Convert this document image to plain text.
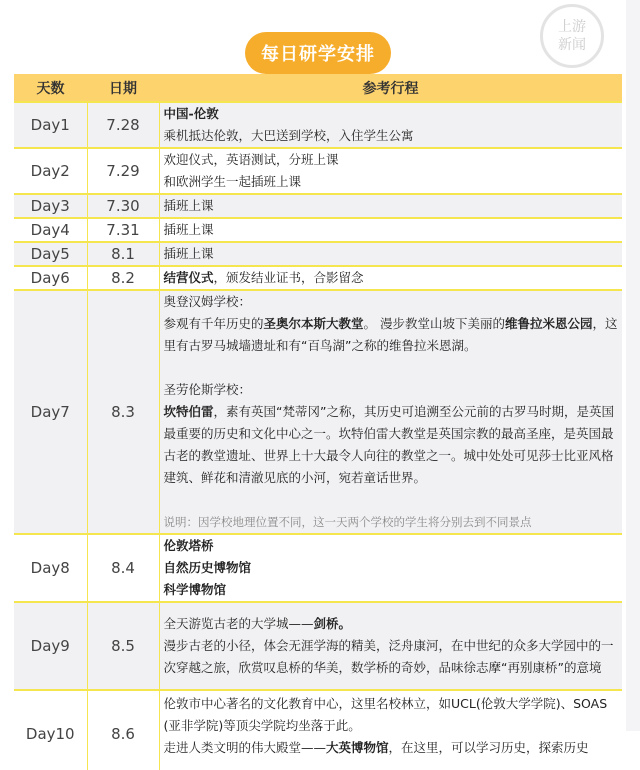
每日研学安排
天数	日期	参考行程
Day1	7.28	中国-伦敦
乘机抵达伦敦，大巴送到学校，入住学生公寓

Day2	7.29	欢迎仪式，英语测试，分班上课
和欧洲学生一起插班上课

Day3	7.30	插班上课
Day4	7.31	插班上课
Day5	8.1	插班上课
Day6	8.2	结营仪式，颁发结业证书，合影留念
Day7	8.3	奥登汉姆学校：
参观有千年历史的圣奥尔本斯大教堂。 漫步教堂山坡下美丽的维鲁拉米恩公园，这里有古罗马城墙遗址和有“百鸟湖”之称的维鲁拉米恩湖。
圣劳伦斯学校：
坎特伯雷，素有英国“梵蒂冈”之称，其历史可追溯至公元前的古罗马时期，是英国最重要的历史和文化中心之一。坎特伯雷大教堂是英国宗教的最高圣座，是英国最古老的教堂遗址、世界上十大最令人向往的教堂之一。城中处处可见莎士比亚风格建筑、鲜花和清澈见底的小河，宛若童话世界。
说明：因学校地理位置不同，这一天两个学校的学生将分别去到不同景点

Day8	8.4	伦敦塔桥
自然历史博物馆
科学博物馆

Day9	8.5	全天游览古老的大学城——剑桥。
漫步古老的小径，体会无涯学海的精美，泛舟康河，在中世纪的众多大学园中的一次穿越之旅，欣赏叹息桥的华美，数学桥的奇妙，品味徐志摩“再别康桥”的意境

Day10	8.6	伦敦市中心著名的文化教育中心，这里名校林立，如UCL(伦敦大学学院)、SOAS (亚非学院)等顶尖学院均坐落于此。
走进人类文明的伟大殿堂——大英博物馆，在这里，可以学习历史，探索历史
上游
新闻
